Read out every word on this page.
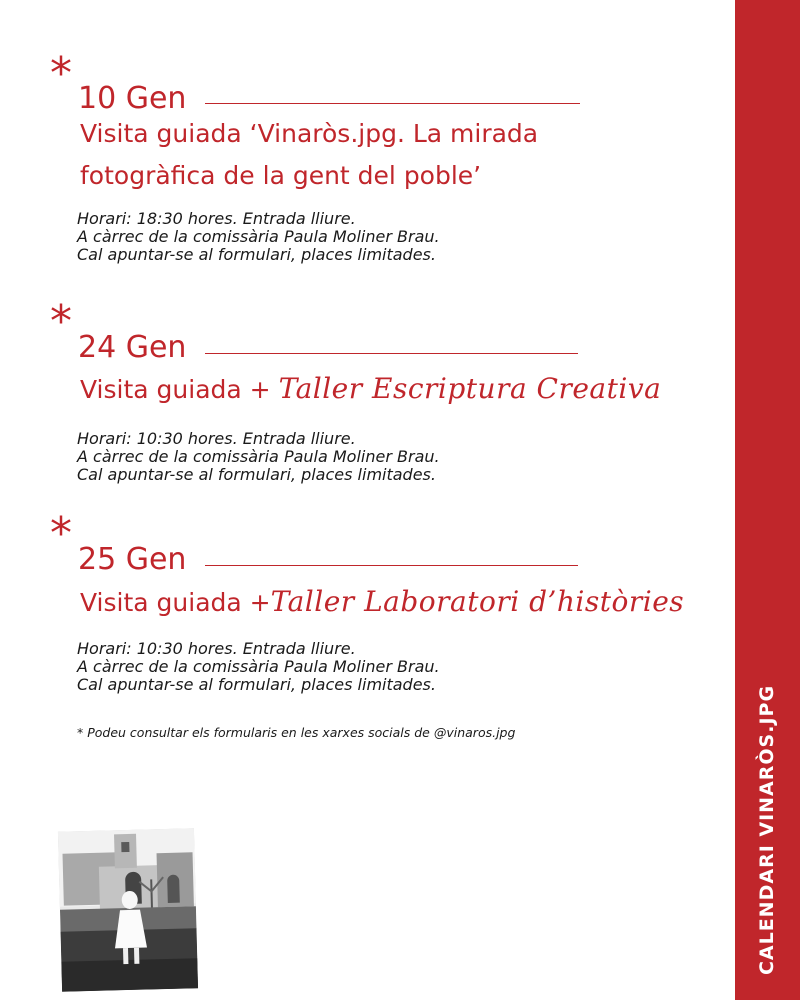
* 10 Gen
Visita guiada ‘Vinaròs.jpg. La mirada
fotogràfica de la gent del poble’
Horari: 18:30 hores. Entrada lliure.
A càrrec de la comissària Paula Moliner Brau.
Cal apuntar-se al formulari, places limitades.
*
24 Gen
Visita guiada + Taller Escriptura Creativa
Horari: 10:30 hores. Entrada lliure.
A càrrec de la comissària Paula Moliner Brau.
Cal apuntar-se al formulari, places limitades.
*
25 Gen
Visita guiada +Taller Laboratori d’històries
Horari: 10:30 hores. Entrada lliure.
A càrrec de la comissària Paula Moliner Brau.
Cal apuntar-se al formulari, places limitades.
* Podeu consultar els formularis en les xarxes socials de @vinaros.jpg	CALENDARI VINARÒS.JPG
